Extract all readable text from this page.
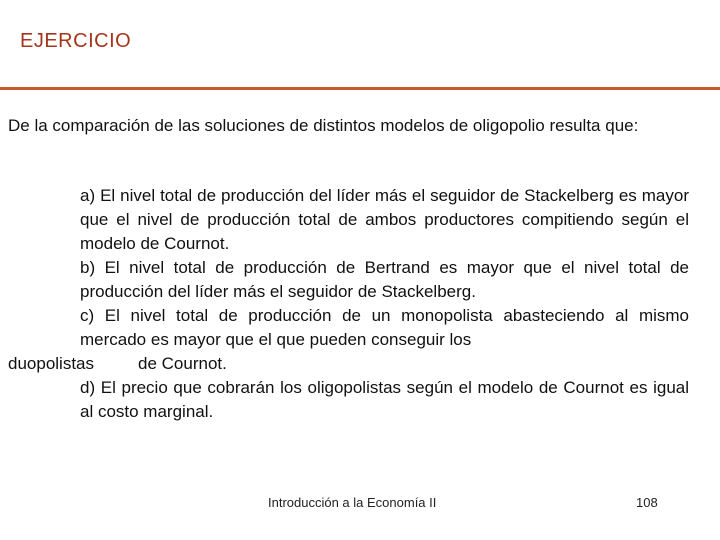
EJERCICIO
De la comparación de las soluciones de distintos modelos de oligopolio resulta que:
a) El nivel total de producción del líder más el seguidor de Stackelberg es mayor que el nivel de producción total de ambos productores compitiendo según el modelo de Cournot.
b) El nivel total de producción de Bertrand es mayor que el nivel total de producción del líder más el seguidor de Stackelberg.
c) El nivel total de producción de un monopolista abasteciendo al mismo mercado es mayor que el que pueden conseguir los
duopolistas	de Cournot.
d) El precio que cobrarán los oligopolistas según el modelo de Cournot es igual al costo marginal.
Introducción a la Economía II	108
